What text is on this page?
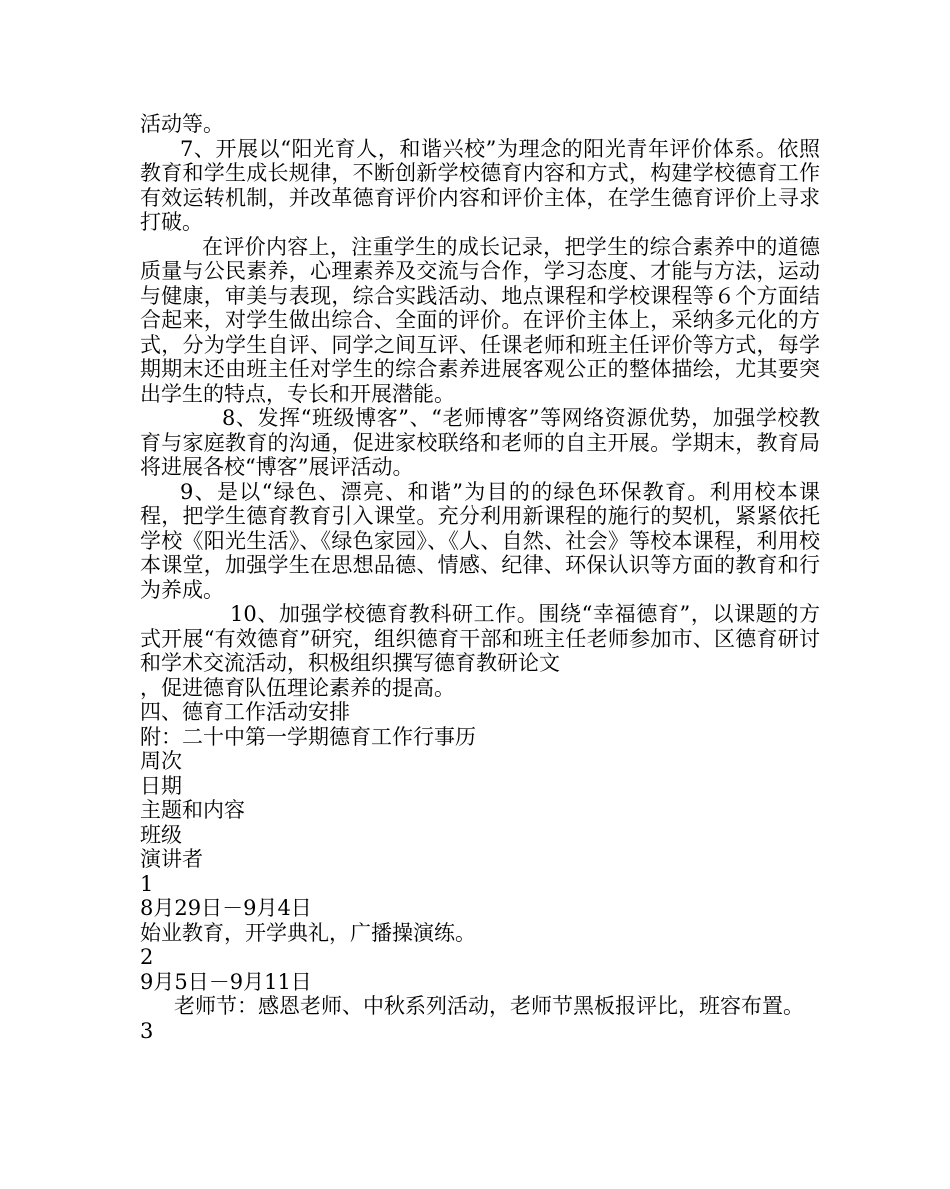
活动等。

7、开展以“阳光育人，和谐兴校”为理念的阳光青年评价体系。依照教育和学生成长规律，不断创新学校德育内容和方式，构建学校德育工作有效运转机制，并改革德育评价内容和评价主体，在学生德育评价上寻求打破。

在评价内容上，注重学生的成长记录，把学生的综合素养中的道德质量与公民素养，心理素养及交流与合作，学习态度、才能与方法，运动与健康，审美与表现，综合实践活动、地点课程和学校课程等６个方面结合起来，对学生做出综合、全面的评价。在评价主体上，采纳多元化的方式，分为学生自评、同学之间互评、任课老师和班主任评价等方式，每学期期末还由班主任对学生的综合素养进展客观公正的整体描绘，尤其要突出学生的特点，专长和开展潜能。

8、发挥“班级博客”、“老师博客”等网络资源优势，加强学校教育与家庭教育的沟通，促进家校联络和老师的自主开展。学期末，教育局将进展各校“博客”展评活动。

9、是以“绿色、漂亮、和谐”为目的的绿色环保教育。利用校本课程，把学生德育教育引入课堂。充分利用新课程的施行的契机，紧紧依托学校《阳光生活》、《绿色家园》、《人、自然、社会》等校本课程，利用校本课堂，加强学生在思想品德、情感、纪律、环保认识等方面的教育和行为养成。

10、加强学校德育教科研工作。围绕“幸福德育”，以课题的方式开展“有效德育”研究，组织德育干部和班主任老师参加市、区德育研讨和学术交流活动，积极组织撰写德育教研论文

，促进德育队伍理论素养的提高。

四、德育工作活动安排

附：二十中第一学期德育工作行事历

周次

日期

主题和内容

班级

演讲者

1

8月29日－9月4日

始业教育，开学典礼，广播操演练。

2

9月5日－9月11日

老师节：感恩老师、中秋系列活动，老师节黑板报评比，班容布置。

3
